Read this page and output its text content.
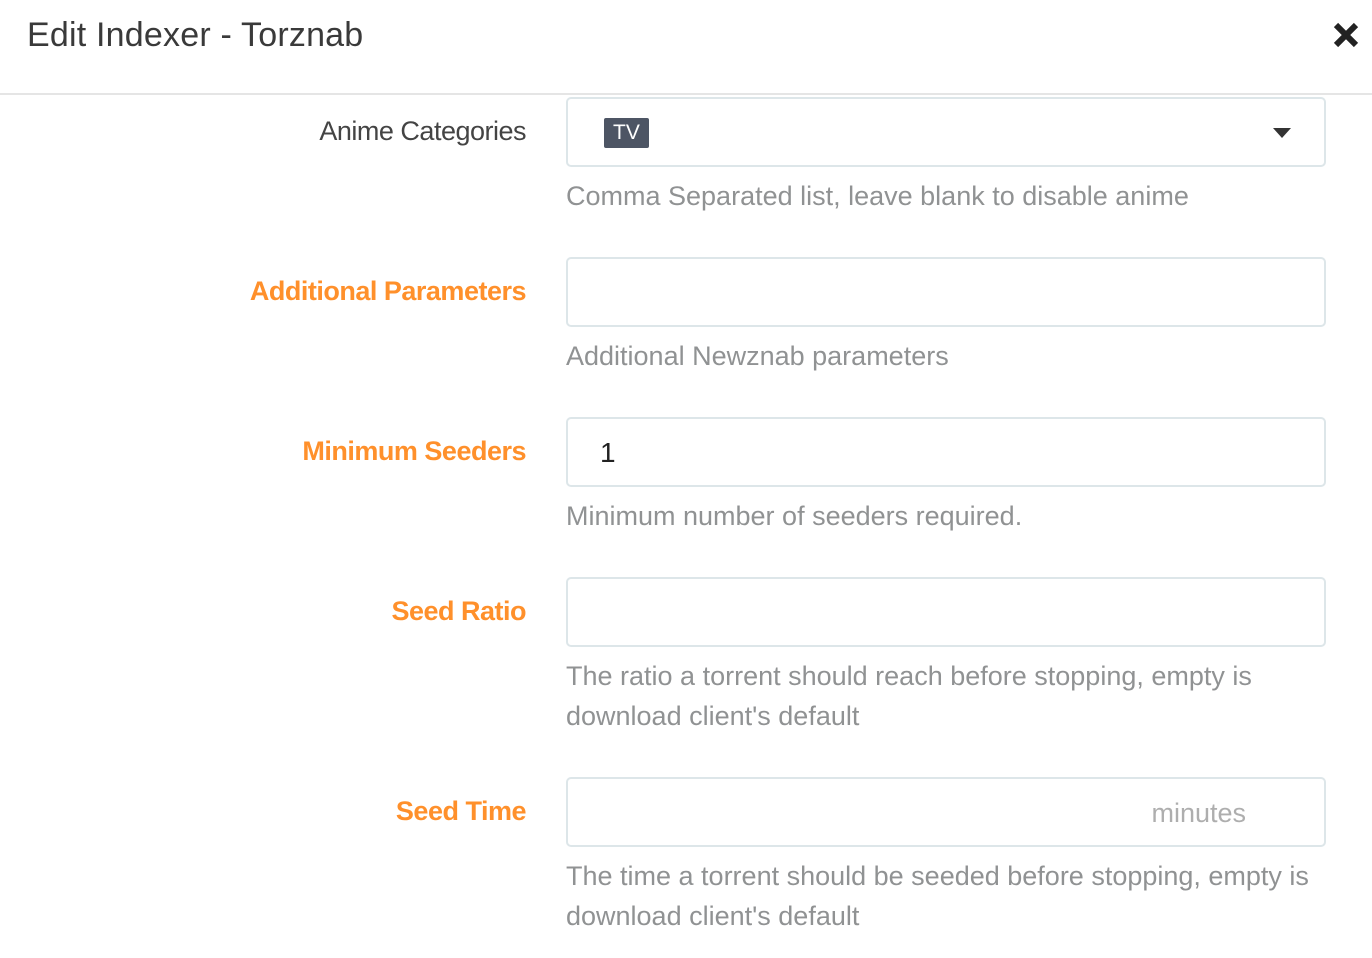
Edit Indexer - Torznab
Anime Categories	TV
Comma Separated list, leave blank to disable anime
Additional Parameters
Additional Newznab parameters
Minimum Seeders	1
Minimum number of seeders required.
Seed Ratio
The ratio a torrent should reach before stopping, empty is download client's default
Seed Time	minutes
The time a torrent should be seeded before stopping, empty is download client's default
